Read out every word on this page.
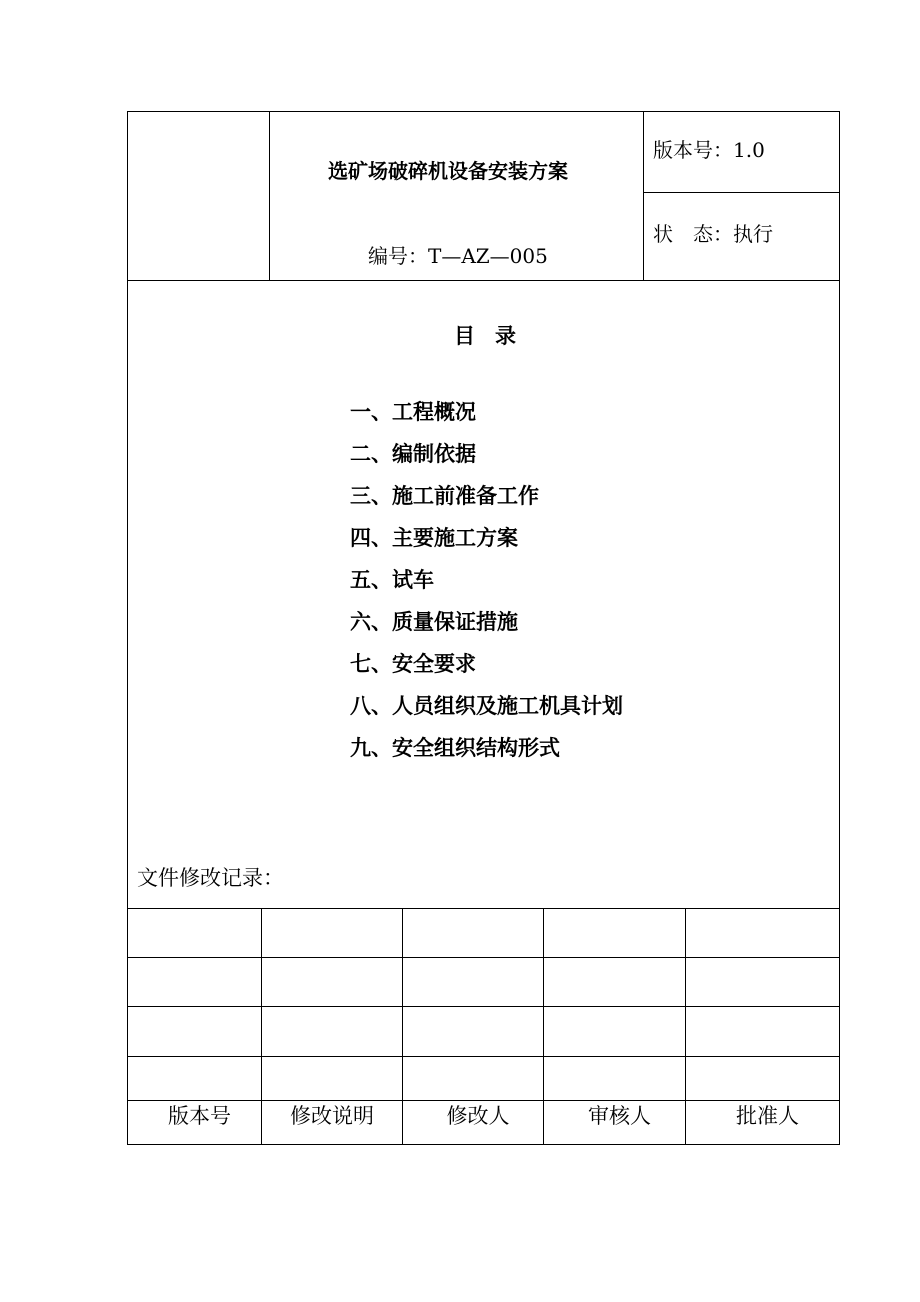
选矿场破碎机设备安装方案
编号：T—AZ—005
版本号：1.0
状　态：执行
目录
一、工程概况
二、编制依据
三、施工前准备工作
四、主要施工方案
五、试车
六、质量保证措施
七、安全要求
八、人员组织及施工机具计划
九、安全组织结构形式
文件修改记录：
版本号	修改说明	修改人	审核人	批准人
